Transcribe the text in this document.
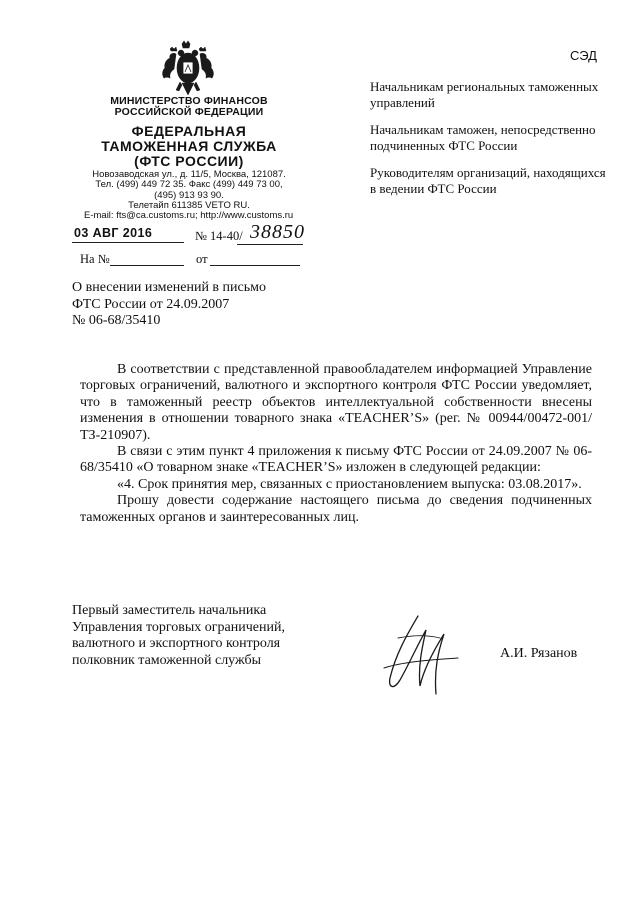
СЭД
МИНИСТЕРСТВО ФИНАНСОВ
РОССИЙСКОЙ ФЕДЕРАЦИИ
ФЕДЕРАЛЬНАЯ
ТАМОЖЕННАЯ СЛУЖБА
(ФТС РОССИИ)
Новозаводская ул., д. 11/5, Москва, 121087.
Тел. (499) 449 72 35. Факс (499) 449 73 00,
(495) 913 93 90.
Телетайп 611385 VETO RU.
E-mail: fts@ca.customs.ru; http://www.customs.ru
03 АВГ 2016	№ 14-40/ 38850
На №	от
Начальникам региональных таможенных управлений
Начальникам таможен, непосредственно подчиненных ФТС России
Руководителям организаций, находящихся в ведении ФТС России
О внесении изменений в письмо
ФТС России от 24.09.2007
№ 06-68/35410

В соответствии с представленной правообладателем информацией Управление торговых ограничений, валютного и экспортного контроля ФТС России уведомляет, что в таможенный реестр объектов интеллектуальной собственности внесены изменения в отношении товарного знака «TEACHER’S» (рег. № 00944/00472-001/ТЗ-210907).

В связи с этим пункт 4 приложения к письму ФТС России от 24.09.2007 № 06-68/35410 «О товарном знаке «TEACHER’S» изложен в следующей редакции:

«4. Срок принятия мер, связанных с приостановлением выпуска: 03.08.2017».

Прошу довести содержание настоящего письма до сведения подчиненных таможенных органов и заинтересованных лиц.

Первый заместитель начальника
Управления торговых ограничений,
валютного и экспортного контроля
полковник таможенной службы	А.И. Рязанов
